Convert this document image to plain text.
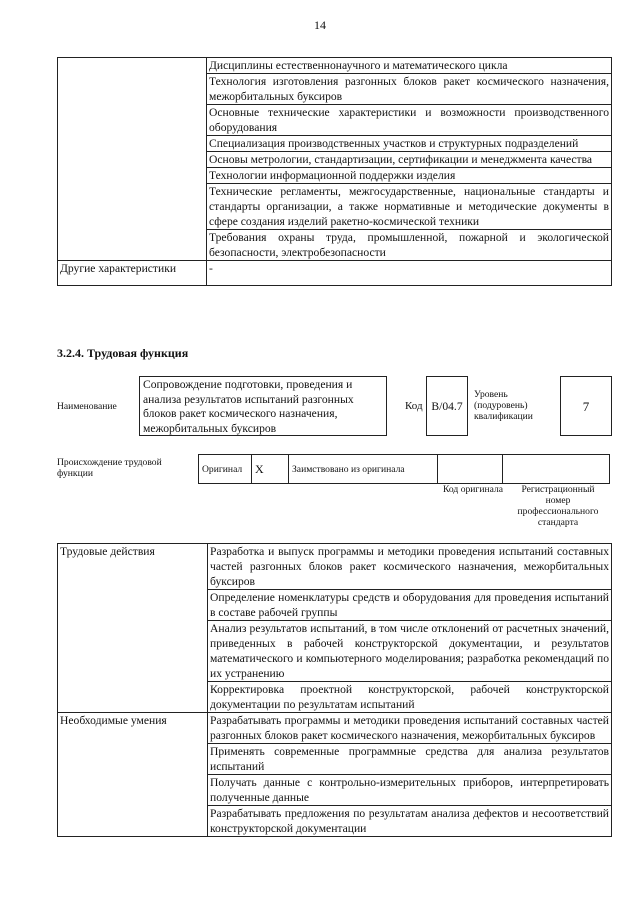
14
	Дисциплины естественнонаучного и математического цикла
	Технология изготовления разгонных блоков ракет космического назначения, межорбитальных буксиров
	Основные технические характеристики и возможности производственного оборудования
	Специализация производственных участков и структурных подразделений
	Основы метрологии, стандартизации, сертификации и менеджмента качества
	Технологии информационной поддержки изделия
	Технические регламенты, межгосударственные, национальные стандарты и стандарты организации, а также нормативные и методические документы в сфере создания изделий ракетно-космической техники
	Требования охраны труда, промышленной, пожарной и экологической безопасности, электробезопасности
Другие характеристики	-
3.2.4. Трудовая функция
Наименование
Сопровождение подготовки, проведения и анализа результатов испытаний разгонных блоков ракет космического назначения, межорбитальных буксиров
Код B/04.7
Уровень (подуровень) квалификации
7
Происхождение трудовой функции	Оригинал	X	Заимствовано из оригинала		
Код оригинала	Регистрационный номер профессионального стандарта
Трудовые действия	Разработка и выпуск программы и методики проведения испытаний составных частей разгонных блоков ракет космического назначения, межорбитальных буксиров
	Определение номенклатуры средств и оборудования для проведения испытаний в составе рабочей группы
	Анализ результатов испытаний, в том числе отклонений от расчетных значений, приведенных в рабочей конструкторской документации, и результатов математического и компьютерного моделирования; разработка рекомендаций по их устранению
	Корректировка проектной конструкторской, рабочей конструкторской документации по результатам испытаний
Необходимые умения	Разрабатывать программы и методики проведения испытаний составных частей разгонных блоков ракет космического назначения, межорбитальных буксиров
	Применять современные программные средства для анализа результатов испытаний
	Получать данные с контрольно-измерительных приборов, интерпретировать полученные данные
	Разрабатывать предложения по результатам анализа дефектов и несоответствий конструкторской документации
